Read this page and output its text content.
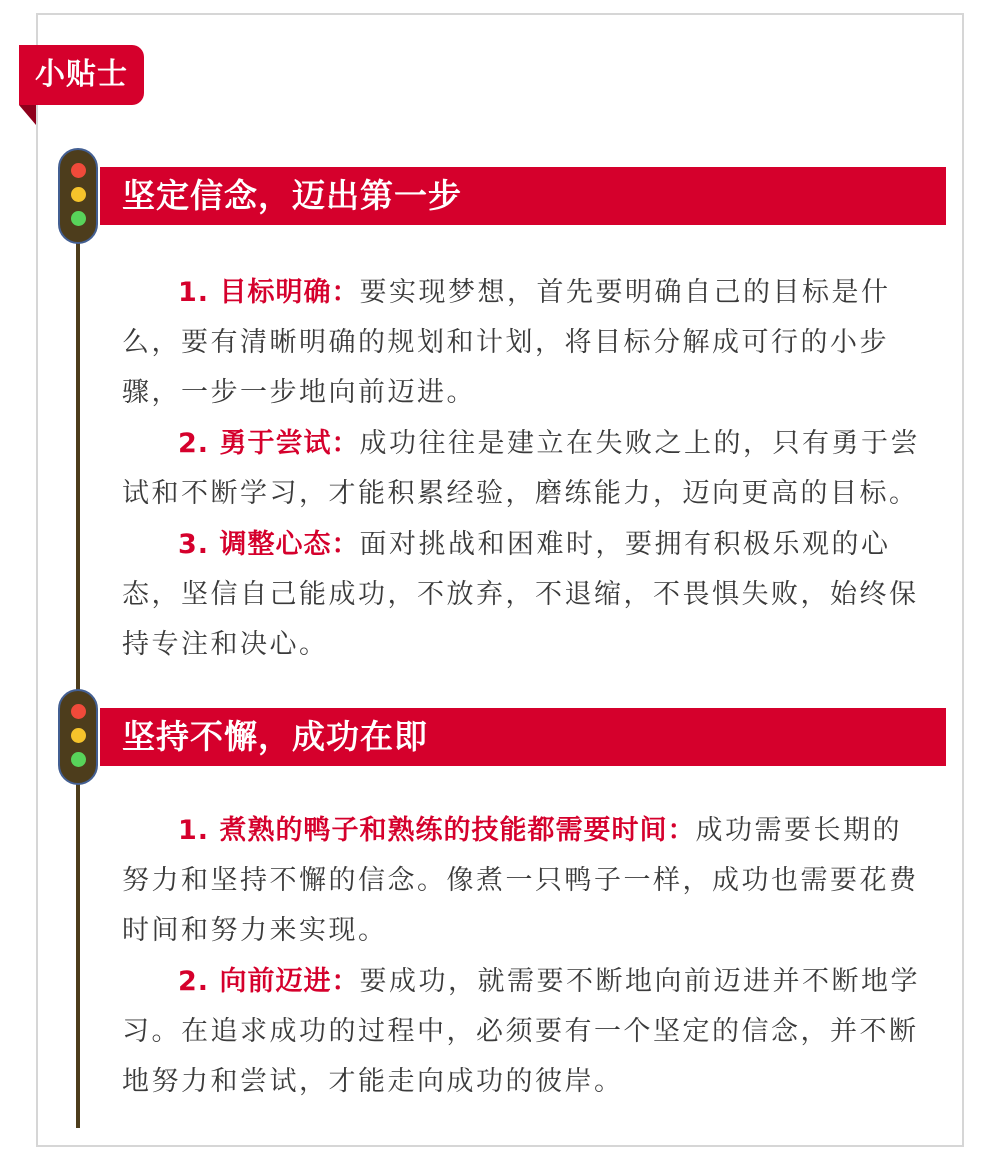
小贴士
坚定信念，迈出第一步

1. 目标明确：要实现梦想，首先要明确自己的目标是什么，要有清晰明确的规划和计划，将目标分解成可行的小步骤，一步一步地向前迈进。

2. 勇于尝试：成功往往是建立在失败之上的，只有勇于尝试和不断学习，才能积累经验，磨练能力，迈向更高的目标。

3. 调整心态：面对挑战和困难时，要拥有积极乐观的心态，坚信自己能成功，不放弃，不退缩，不畏惧失败，始终保持专注和决心。

坚持不懈，成功在即

1. 煮熟的鸭子和熟练的技能都需要时间：成功需要长期的努力和坚持不懈的信念。像煮一只鸭子一样，成功也需要花费时间和努力来实现。

2. 向前迈进：要成功，就需要不断地向前迈进并不断地学习。在追求成功的过程中，必须要有一个坚定的信念，并不断地努力和尝试，才能走向成功的彼岸。
